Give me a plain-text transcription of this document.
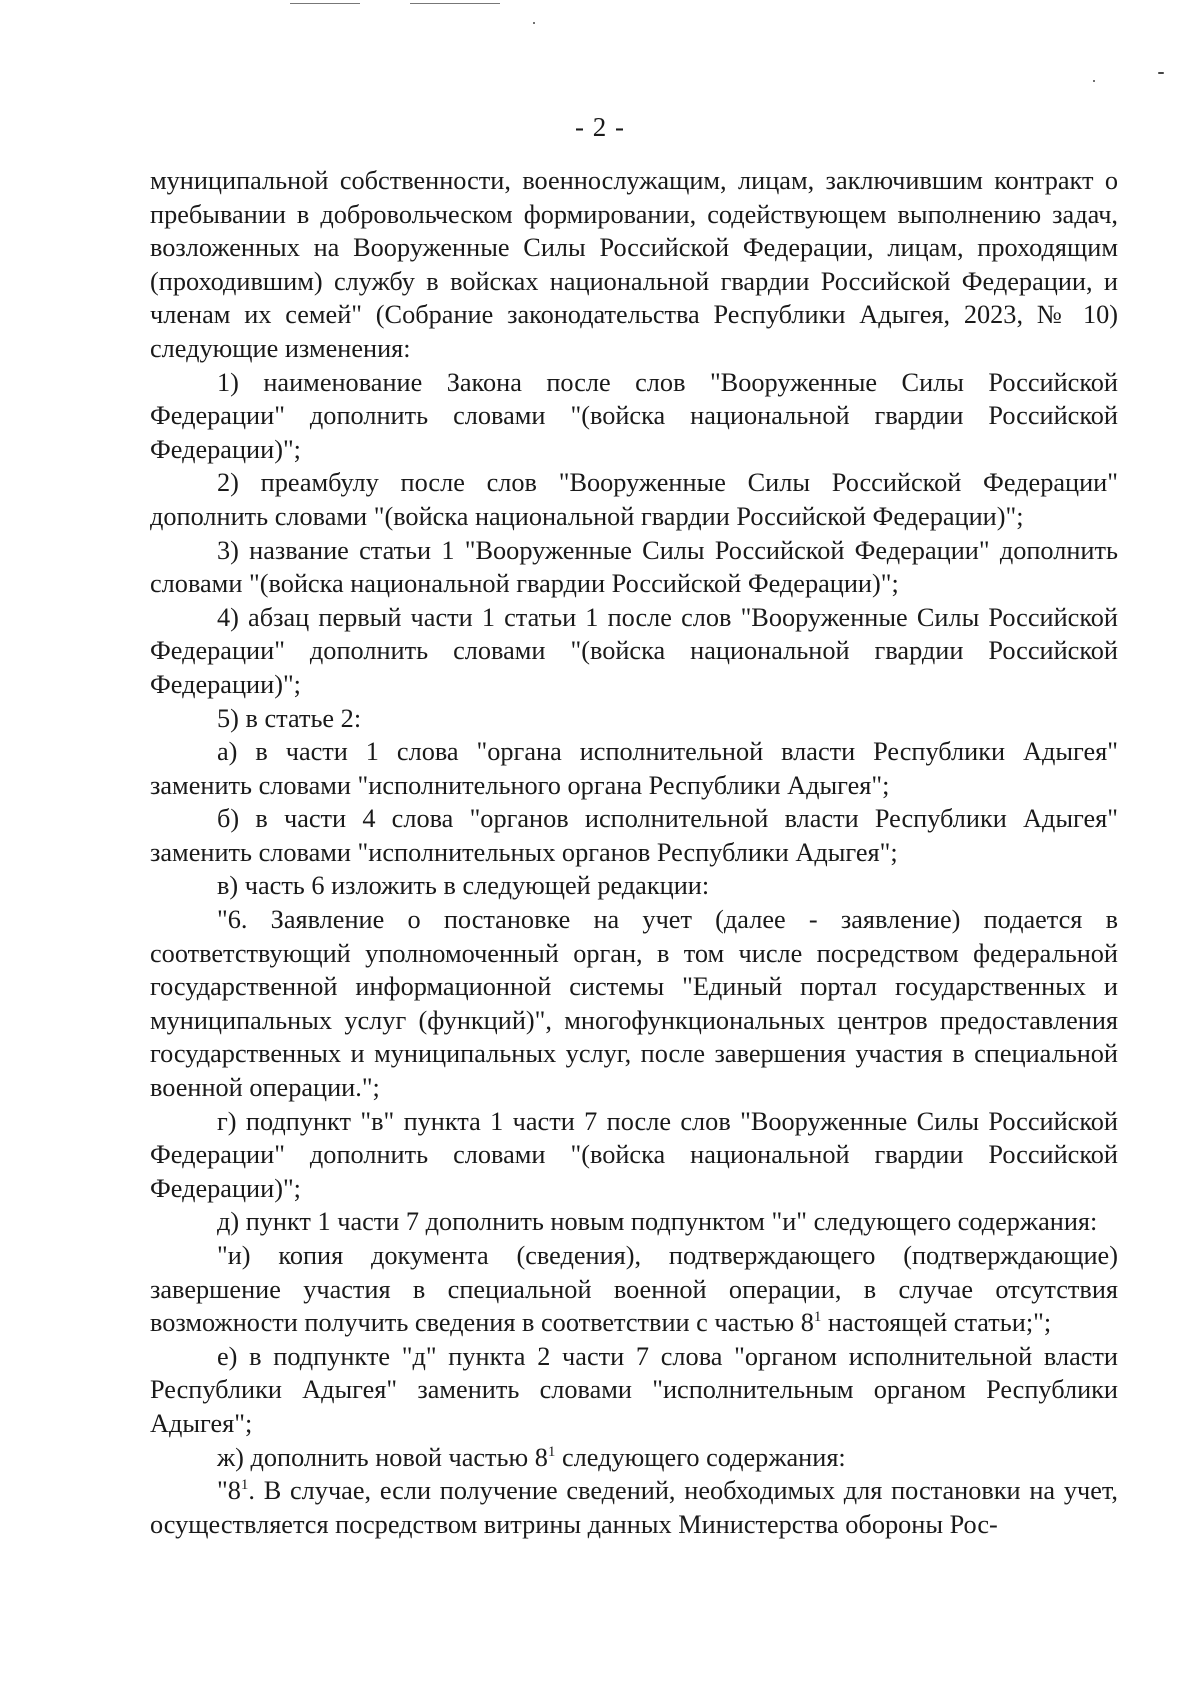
- 2 -

муниципальной собственности, военнослужащим, лицам, заключившим контракт о пребывании в добровольческом формировании, содействующем выполнению задач, возложенных на Вооруженные Силы Российской Федерации, лицам, проходящим (проходившим) службу в войсках национальной гвардии Российской Федерации, и членам их семей" (Собрание законодательства Республики Адыгея, 2023, № 10) следующие изменения:

1) наименование Закона после слов "Вооруженные Силы Российской Федерации" дополнить словами "(войска национальной гвардии Российской Федерации)";

2) преамбулу после слов "Вооруженные Силы Российской Федерации" дополнить словами "(войска национальной гвардии Российской Федерации)";

3) название статьи 1 "Вооруженные Силы Российской Федерации" дополнить словами "(войска национальной гвардии Российской Федерации)";

4) абзац первый части 1 статьи 1 после слов "Вооруженные Силы Российской Федерации" дополнить словами "(войска национальной гвардии Российской Федерации)";

5) в статье 2:

а) в части 1 слова "органа исполнительной власти Республики Адыгея" заменить словами "исполнительного органа Республики Адыгея";

б) в части 4 слова "органов исполнительной власти Республики Адыгея" заменить словами "исполнительных органов Республики Адыгея";

в) часть 6 изложить в следующей редакции:

"6. Заявление о постановке на учет (далее - заявление) подается в соответствующий уполномоченный орган, в том числе посредством федеральной государственной информационной системы "Единый портал государственных и муниципальных услуг (функций)", многофункциональных центров предоставления государственных и муниципальных услуг, после завершения участия в специальной военной операции.";

г) подпункт "в" пункта 1 части 7 после слов "Вооруженные Силы Российской Федерации" дополнить словами "(войска национальной гвардии Российской Федерации)";

д) пункт 1 части 7 дополнить новым подпунктом "и" следующего содержания:

"и) копия документа (сведения), подтверждающего (подтверждающие) завершение участия в специальной военной операции, в случае отсутствия возможности получить сведения в соответствии с частью $8^1$ настоящей статьи;";

е) в подпункте "д" пункта 2 части 7 слова "органом исполнительной власти Республики Адыгея" заменить словами "исполнительным органом Республики Адыгея";

ж) дополнить новой частью $8^1$ следующего содержания:

"$8^1$. В случае, если получение сведений, необходимых для постановки на учет, осуществляется посредством витрины данных Министерства обороны Рос-
